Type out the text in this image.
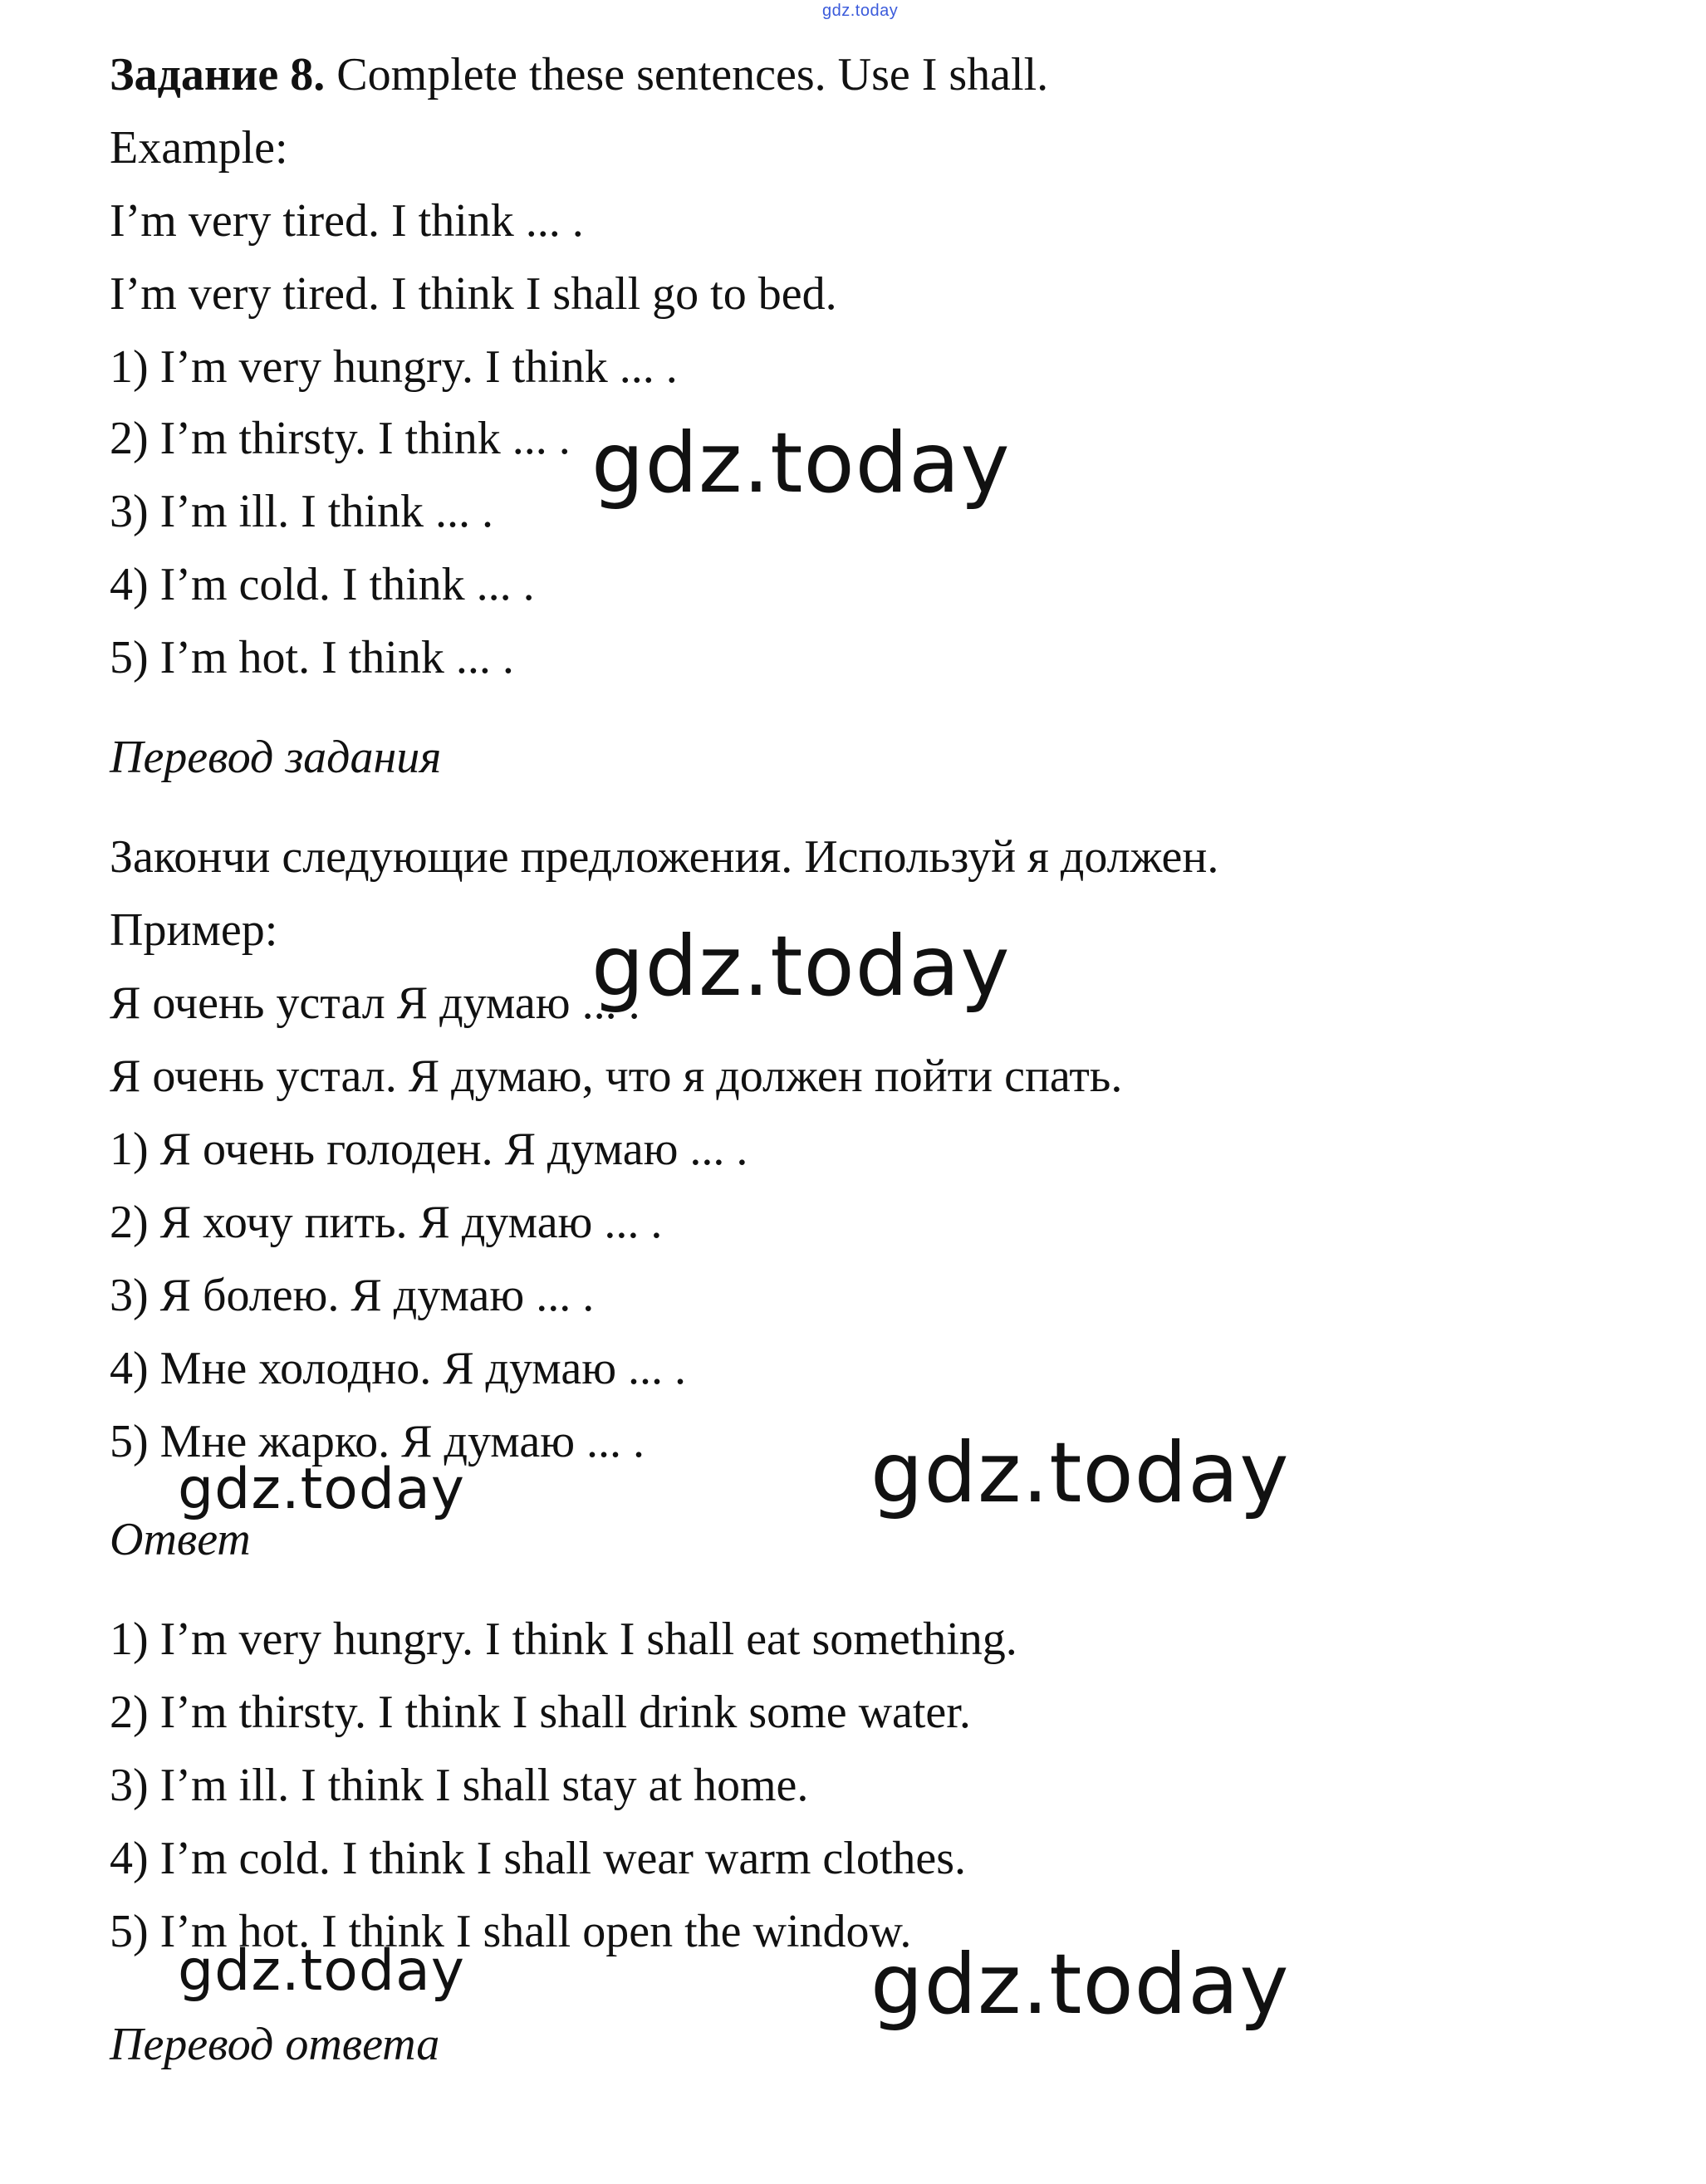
gdz.today
Задание 8. Complete these sentences. Use I shall.
Example:
I’m very tired. I think ... .
I’m very tired. I think I shall go to bed.
1) I’m very hungry. I think ... .
2) I’m thirsty. I think ... .
3) I’m ill. I think ... .
4) I’m cold. I think ... .
5) I’m hot. I think ... .
Перевод задания
Закончи следующие предложения. Используй я должен.
Пример:
Я очень устал Я думаю ... .
Я очень устал. Я думаю, что я должен пойти спать.
1) Я очень голоден. Я думаю ... .
2) Я хочу пить. Я думаю ... .
3) Я болею. Я думаю ... .
4) Мне холодно. Я думаю ... .
5) Мне жарко. Я думаю ... .
Ответ
1) I’m very hungry. I think I shall eat something.
2) I’m thirsty. I think I shall drink some water.
3) I’m ill. I think I shall stay at home.
4) I’m cold. I think I shall wear warm clothes.
5) I’m hot. I think I shall open the window.
Перевод ответа
gdz.today
gdz.today
gdz.today
gdz.today
gdz.today	gdz.today
